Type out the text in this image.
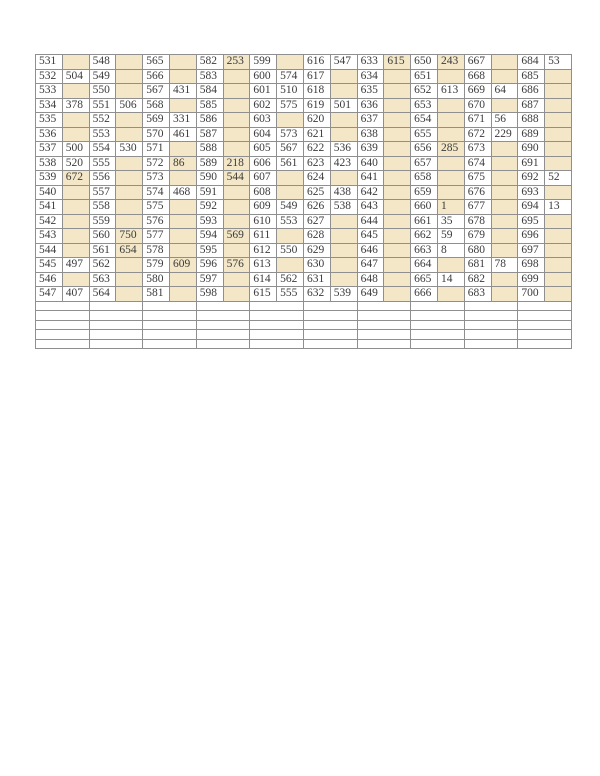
531		548		565		582	253	599		616	547	633	615	650	243	667		684	53
532	504	549		566		583		600	574	617		634		651		668		685	
533		550		567	431	584		601	510	618		635		652	613	669	64	686	
534	378	551	506	568		585		602	575	619	501	636		653		670		687	
535		552		569	331	586		603		620		637		654		671	56	688	
536		553		570	461	587		604	573	621		638		655		672	229	689	
537	500	554	530	571		588		605	567	622	536	639		656	285	673		690	
538	520	555		572	86	589	218	606	561	623	423	640		657		674		691	
539	672	556		573		590	544	607		624		641		658		675		692	52
540		557		574	468	591		608		625	438	642		659		676		693	
541		558		575		592		609	549	626	538	643		660	1	677		694	13
542		559		576		593		610	553	627		644		661	35	678		695	
543		560	750	577		594	569	611		628		645		662	59	679		696	
544		561	654	578		595		612	550	629		646		663	8	680		697	
545	497	562		579	609	596	576	613		630		647		664		681	78	698	
546		563		580		597		614	562	631		648		665	14	682		699	
547	407	564		581		598		615	555	632	539	649		666		683		700	
